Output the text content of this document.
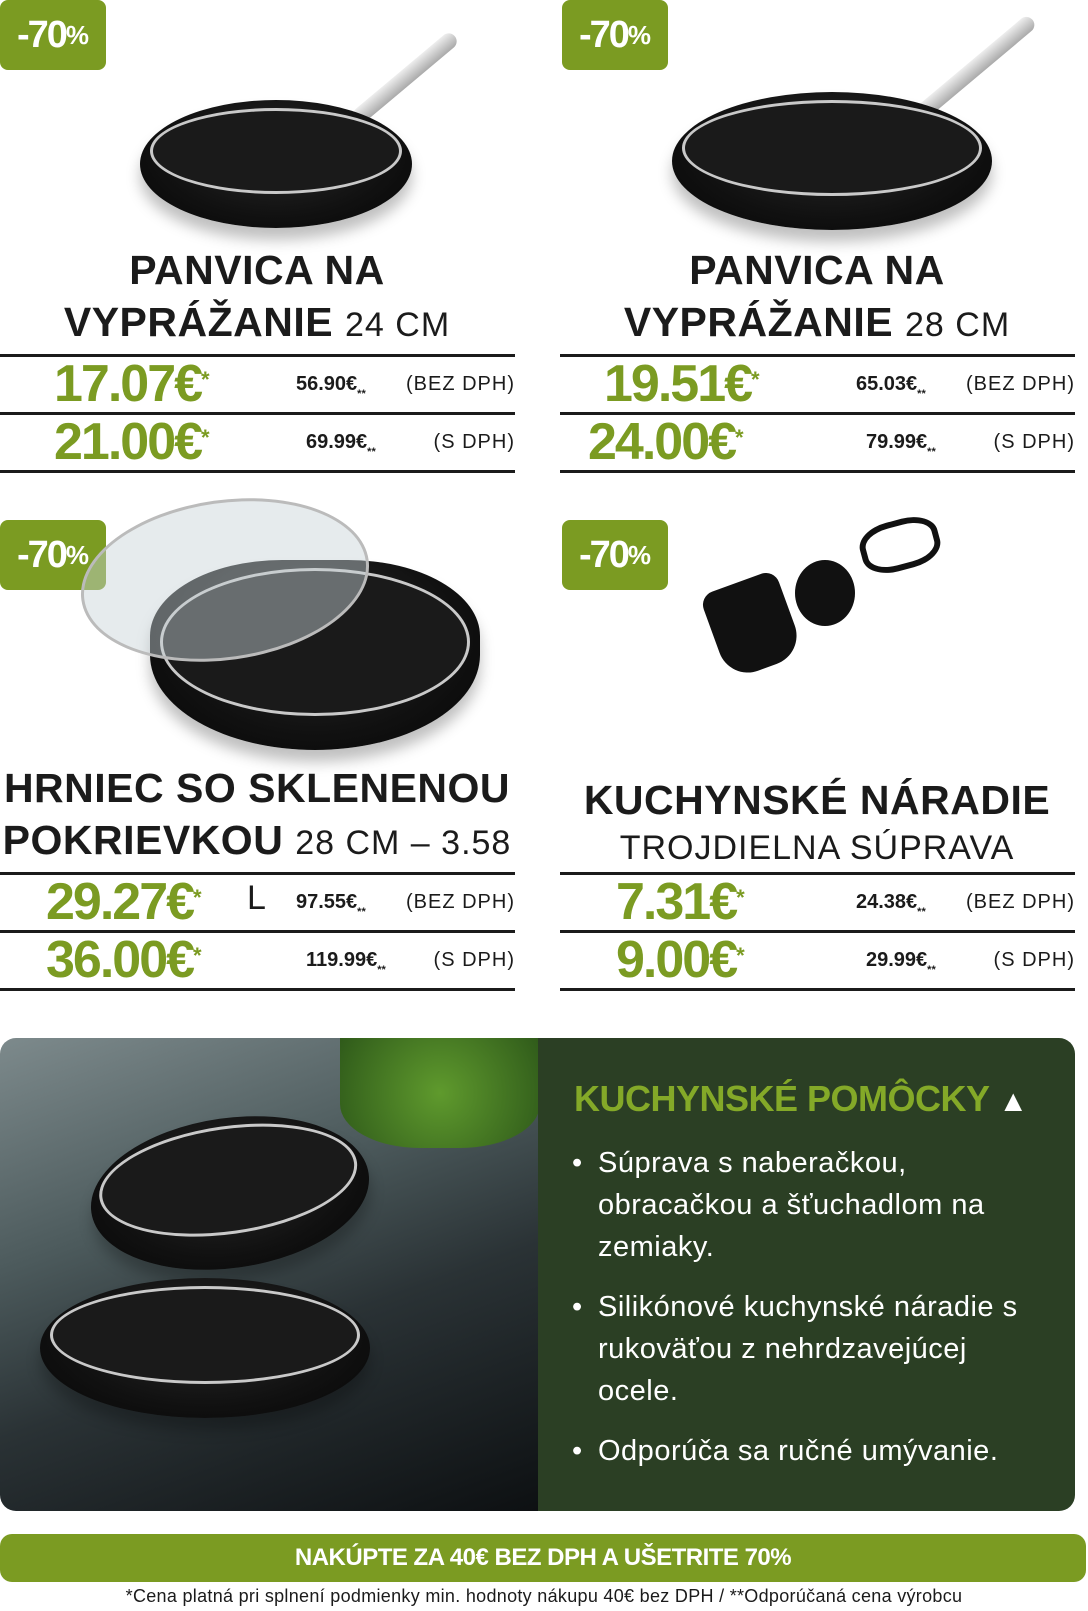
-70 %
PANVICA NA
VYPRÁŽANIE 24 CM
-70 %
PANVICA NA
VYPRÁŽANIE 28 CM
-70 %
HRNIEC SO SKLENENOU
POKRIEVKOU 28 CM – 3.58 L
-70 %
KUCHYNSKÉ NÁRADIE
TROJDIELNA SÚPRAVA
17.07€*	56.90€** (BEZ DPH)
21.00€*	69.99€**	(S DPH)
19.51€*	65.03€** (BEZ DPH)
24.00€*	79.99€**	(S DPH)
29.27€*	97.55€** (BEZ DPH)
36.00€*	119.99€** (S DPH)
7.31€*	24.38€** (BEZ DPH)
9.00€*	29.99€**	(S DPH)
KUCHYNSKÉ POMÔCKY ▲
• Súprava s naberačkou, obracačkou a šťuchadlom na zemiaky.
• Silikónové kuchynské náradie s rukoväťou z nehrdzavejúcej ocele.
• Odporúča sa ručné umývanie.
NAKÚPTE ZA 40€ BEZ DPH A UŠETRITE 70%
*Cena platná pri splnení podmienky min. hodnoty nákupu 40€ bez DPH / **Odporúčaná cena výrobcu
